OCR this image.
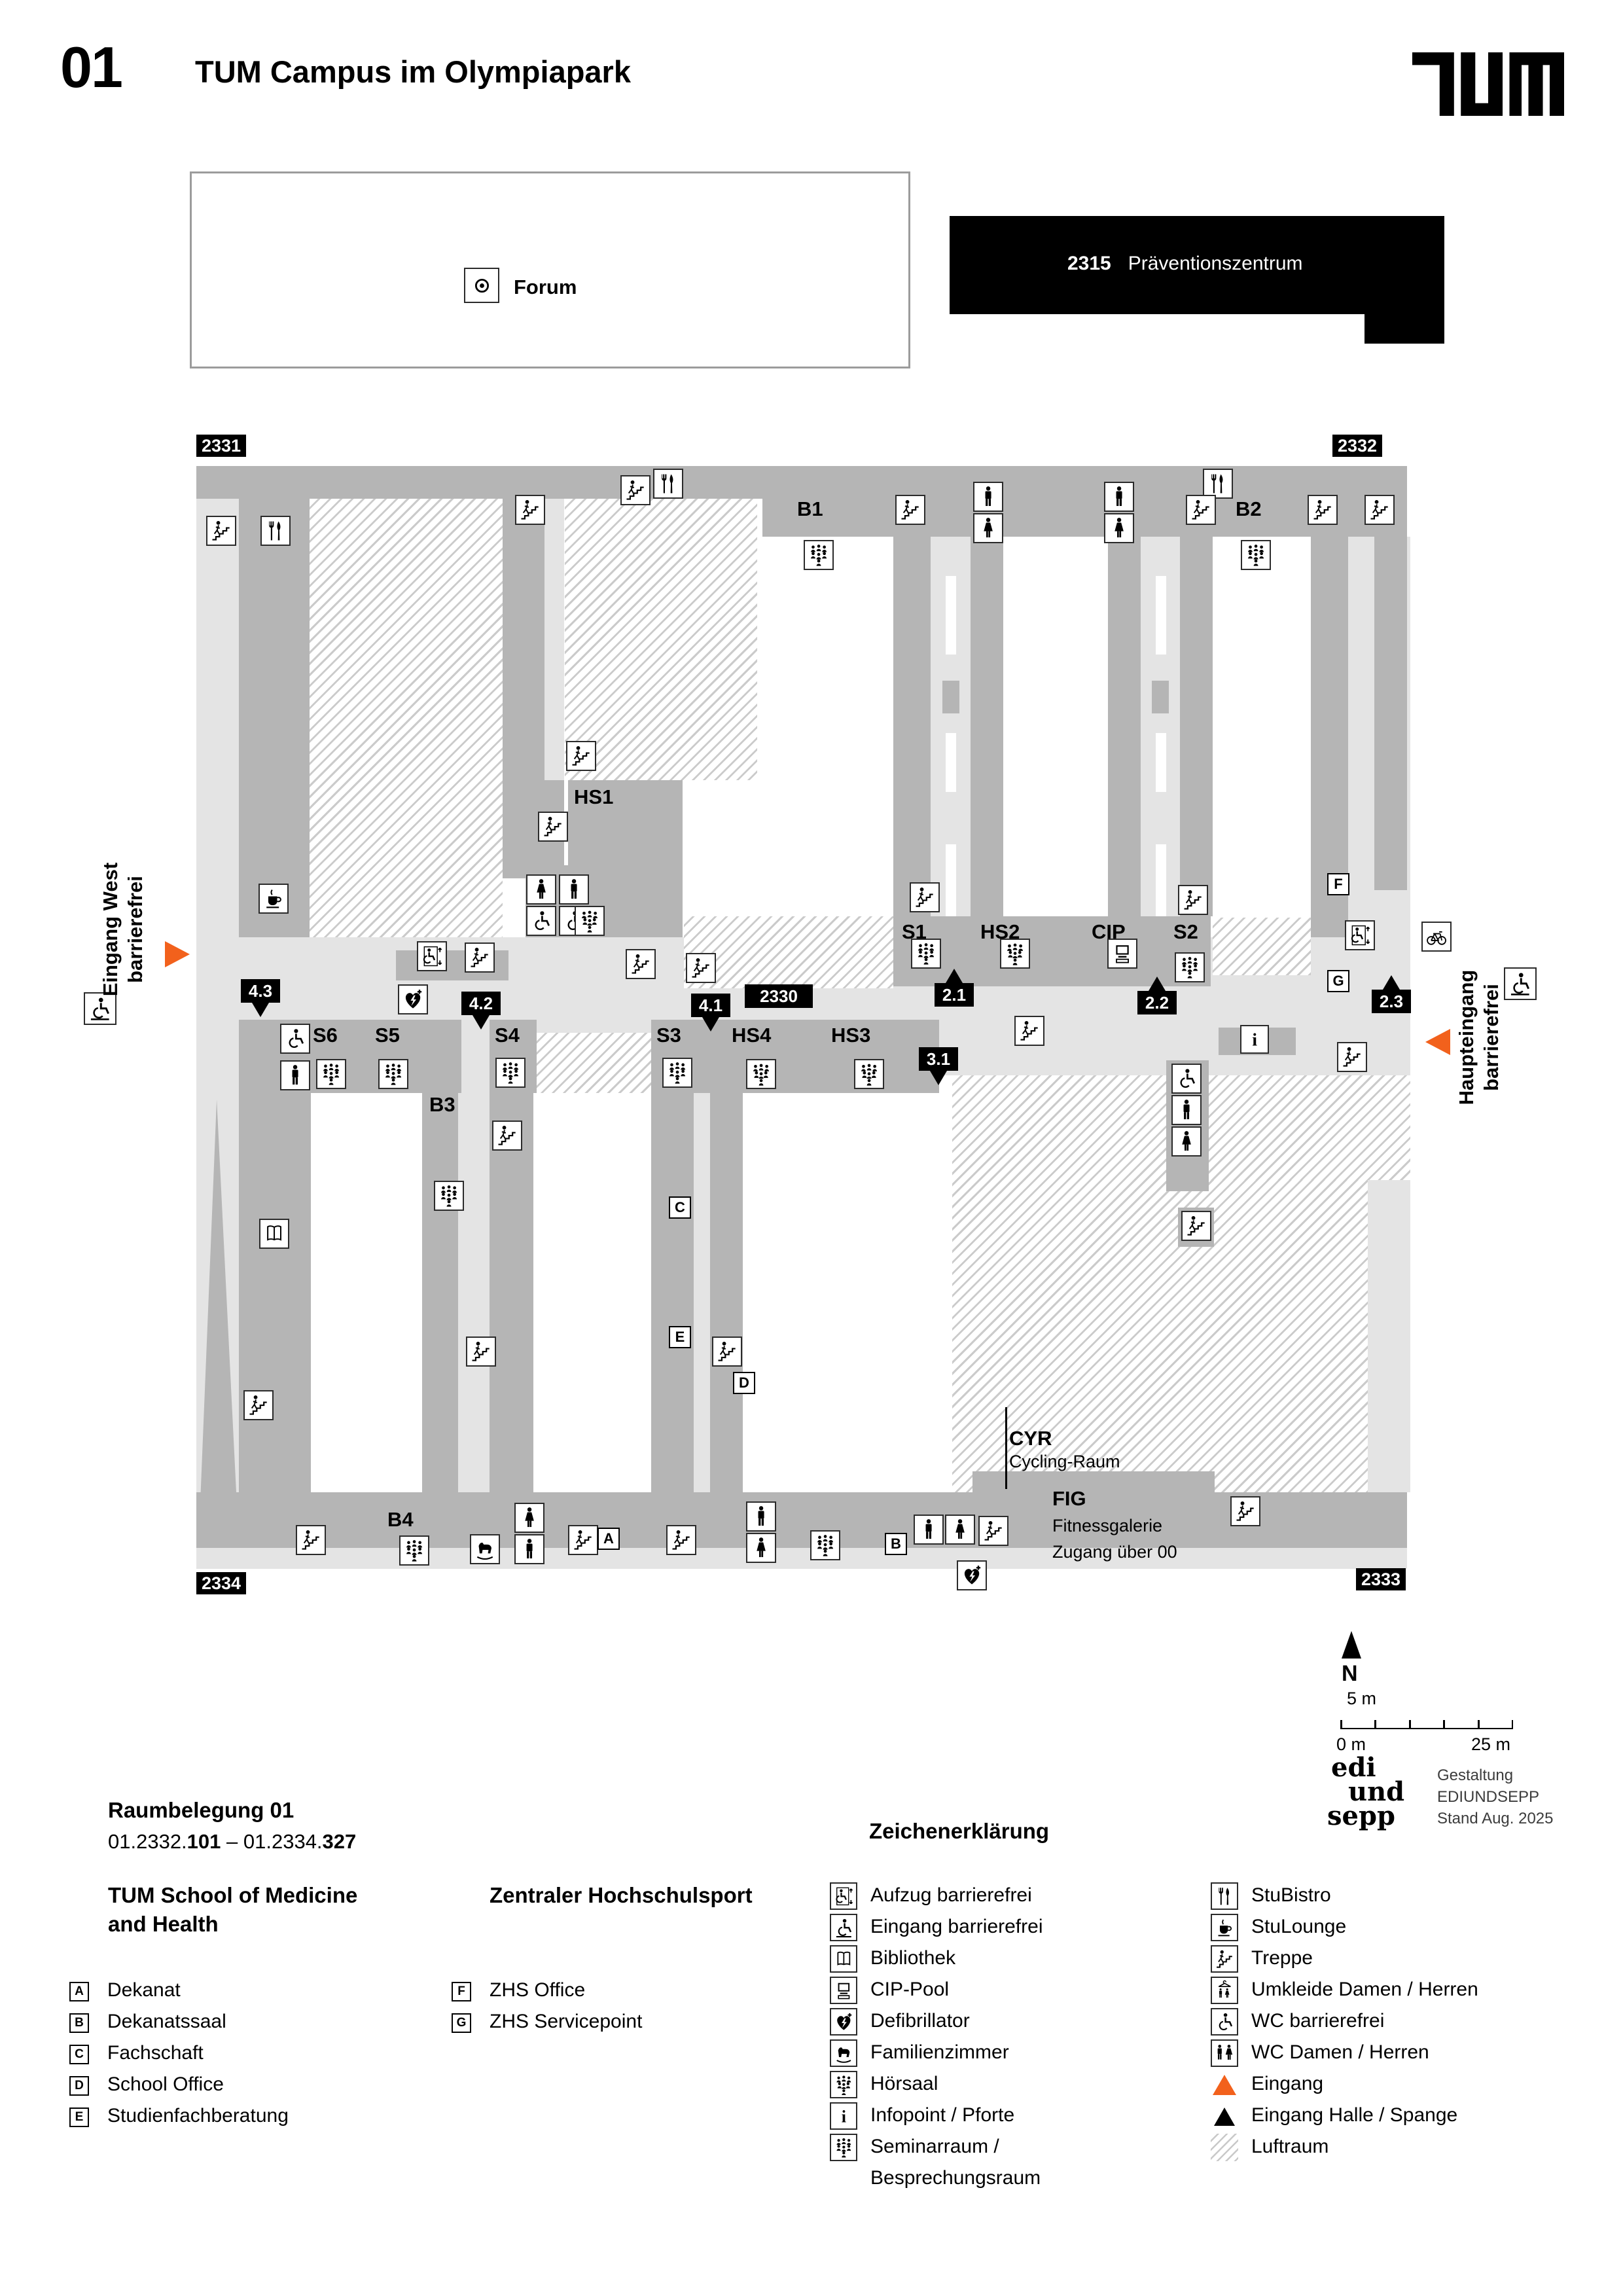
01 TUM Campus im Olympiapark
Forum
2315 Präventionszentrum
i
B1	B2
HS1
S1	HS2	CIP S2
S6 S5	S4	S3 HS4	HS3
B3
B4
CYR
Cycling-Raum
FIG
Fitnessgalerie
Zugang über 00
2330
4.3
4.2	4.1
2.1	2.2	2.3
3.1
2331	2332
2334	2333
A	B
C
D
E
F
G
Eingang West barrierefrei
Haupteingang barrierefrei
N
5 m
0 m	25 m
edi
und
sepp
Gestaltung
EDIUNDSEPP
Stand Aug. 2025
Raumbelegung 01
01.2332.101 – 01.2334.327
TUM School of Medicine
and Health
Zentraler Hochschulsport
A Dekanat
B Dekanatssaal
C Fachschaft
D School Office
E Studienfachberatung
F	ZHS Office
G ZHS Servicepoint
Zeichenerklärung
Aufzug barrierefrei
Eingang barrierefrei
Bibliothek
CIP-Pool
Defibrillator
Familienzimmer
Hörsaal
i Infopoint / Pforte
Seminarraum /
Besprechungsraum
StuBistro
StuLounge
Treppe
Umkleide Damen / Herren
WC barrierefrei
WC Damen / Herren
Eingang
Eingang Halle / Spange
Luftraum
